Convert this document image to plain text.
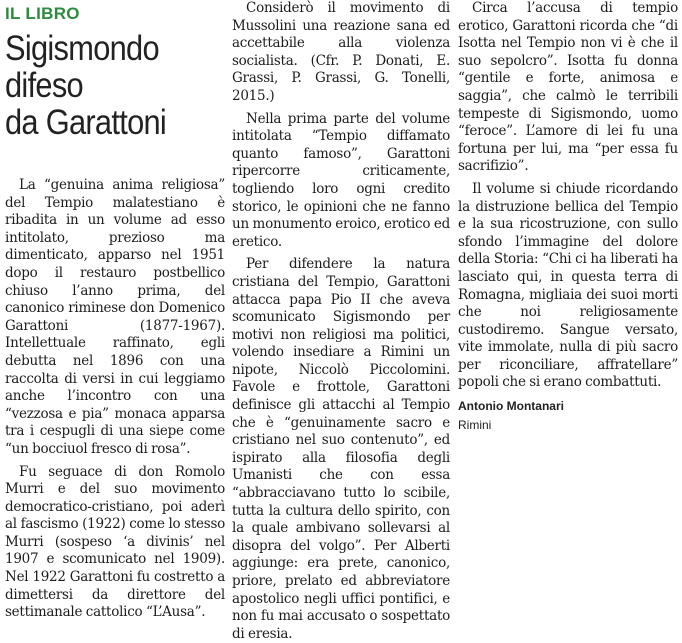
IL LIBRO
Sigismondo
difeso
da Garattoni

La “genuina anima religiosa” del Tempio malatestiano è ribadita in un volume ad esso intitolato, prezioso ma dimenticato, apparso nel 1951 dopo il restauro postbellico chiuso l’anno prima, del canonico riminese don Domenico Garattoni (1877-1967). Intellettuale raffinato, egli debutta nel 1896 con una raccolta di versi in cui leggiamo anche l’incontro con una “vezzosa e pia” monaca apparsa tra i cespugli di una siepe come “un bocciuol fresco di rosa”.

Fu seguace di don Romolo Murri e del suo movimento democratico-cristiano, poi aderì al fascismo (1922) come lo stesso Murri (sospeso ‘a divinis’ nel 1907 e scomunicato nel 1909). Nel 1922 Garattoni fu costretto a dimettersi da direttore del settimanale cattolico “L’Ausa”.

Considerò il movimento di Mussolini una reazione sana ed accettabile alla violenza socialista. (Cfr. P. Donati, E. Grassi, P. Grassi, G. Tonelli, 2015.)

Nella prima parte del volume intitolata “Tempio diffamato quanto famoso”, Garattoni ripercorre criticamente, togliendo loro ogni credito storico, le opinioni che ne fanno un monumento eroico, erotico ed eretico.

Per difendere la natura cristiana del Tempio, Garattoni attacca papa Pio II che aveva scomunicato Sigismondo per motivi non religiosi ma politici, volendo insediare a Rimini un nipote, Niccolò Piccolomini. Favole e frottole, Garattoni definisce gli attacchi al Tempio che è “genuinamente sacro e cristiano nel suo contenuto”, ed ispirato alla filosofia degli Umanisti che con essa “abbracciavano tutto lo scibile, tutta la cultura dello spirito, con la quale ambivano sollevarsi al disopra del volgo”. Per Alberti aggiunge: era prete, canonico, priore, prelato ed abbreviatore apostolico negli uffici pontifici, e non fu mai accusato o sospettato di eresia.

Circa l’accusa di tempio erotico, Garattoni ricorda che “di Isotta nel Tempio non vi è che il suo sepolcro”. Isotta fu donna “gentile e forte, animosa e saggia”, che calmò le terribili tempeste di Sigismondo, uomo “feroce”. L’amore di lei fu una fortuna per lui, ma “per essa fu sacrifizio”.

Il volume si chiude ricordando la distruzione bellica del Tempio e la sua ricostruzione, con sullo sfondo l’immagine del dolore della Storia: “Chi ci ha liberati ha lasciato qui, in questa terra di Romagna, migliaia dei suoi morti che noi religiosamente custodiremo. Sangue versato, vite immolate, nulla di più sacro per riconciliare, affratellare” popoli che si erano combattuti.

Antonio Montanari

Rimini
